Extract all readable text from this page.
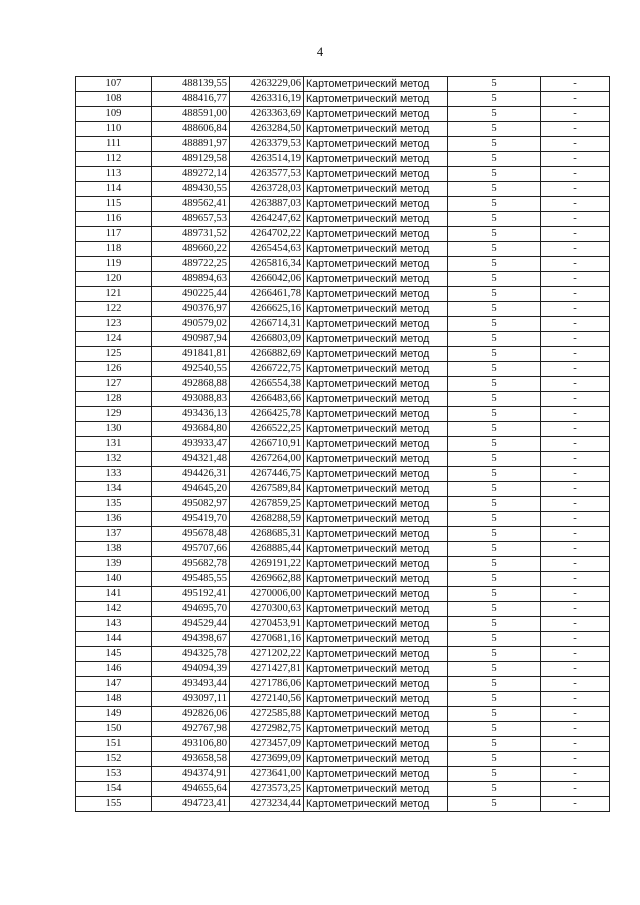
4
107	488139,55	4263229,06	Картометрический метод	5	-
108	488416,77	4263316,19	Картометрический метод	5	-
109	488591,00	4263363,69	Картометрический метод	5	-
110	488606,84	4263284,50	Картометрический метод	5	-
111	488891,97	4263379,53	Картометрический метод	5	-
112	489129,58	4263514,19	Картометрический метод	5	-
113	489272,14	4263577,53	Картометрический метод	5	-
114	489430,55	4263728,03	Картометрический метод	5	-
115	489562,41	4263887,03	Картометрический метод	5	-
116	489657,53	4264247,62	Картометрический метод	5	-
117	489731,52	4264702,22	Картометрический метод	5	-
118	489660,22	4265454,63	Картометрический метод	5	-
119	489722,25	4265816,34	Картометрический метод	5	-
120	489894,63	4266042,06	Картометрический метод	5	-
121	490225,44	4266461,78	Картометрический метод	5	-
122	490376,97	4266625,16	Картометрический метод	5	-
123	490579,02	4266714,31	Картометрический метод	5	-
124	490987,94	4266803,09	Картометрический метод	5	-
125	491841,81	4266882,69	Картометрический метод	5	-
126	492540,55	4266722,75	Картометрический метод	5	-
127	492868,88	4266554,38	Картометрический метод	5	-
128	493088,83	4266483,66	Картометрический метод	5	-
129	493436,13	4266425,78	Картометрический метод	5	-
130	493684,80	4266522,25	Картометрический метод	5	-
131	493933,47	4266710,91	Картометрический метод	5	-
132	494321,48	4267264,00	Картометрический метод	5	-
133	494426,31	4267446,75	Картометрический метод	5	-
134	494645,20	4267589,84	Картометрический метод	5	-
135	495082,97	4267859,25	Картометрический метод	5	-
136	495419,70	4268288,59	Картометрический метод	5	-
137	495678,48	4268685,31	Картометрический метод	5	-
138	495707,66	4268885,44	Картометрический метод	5	-
139	495682,78	4269191,22	Картометрический метод	5	-
140	495485,55	4269662,88	Картометрический метод	5	-
141	495192,41	4270006,00	Картометрический метод	5	-
142	494695,70	4270300,63	Картометрический метод	5	-
143	494529,44	4270453,91	Картометрический метод	5	-
144	494398,67	4270681,16	Картометрический метод	5	-
145	494325,78	4271202,22	Картометрический метод	5	-
146	494094,39	4271427,81	Картометрический метод	5	-
147	493493,44	4271786,06	Картометрический метод	5	-
148	493097,11	4272140,56	Картометрический метод	5	-
149	492826,06	4272585,88	Картометрический метод	5	-
150	492767,98	4272982,75	Картометрический метод	5	-
151	493106,80	4273457,09	Картометрический метод	5	-
152	493658,58	4273699,09	Картометрический метод	5	-
153	494374,91	4273641,00	Картометрический метод	5	-
154	494655,64	4273573,25	Картометрический метод	5	-
155	494723,41	4273234,44	Картометрический метод	5	-
